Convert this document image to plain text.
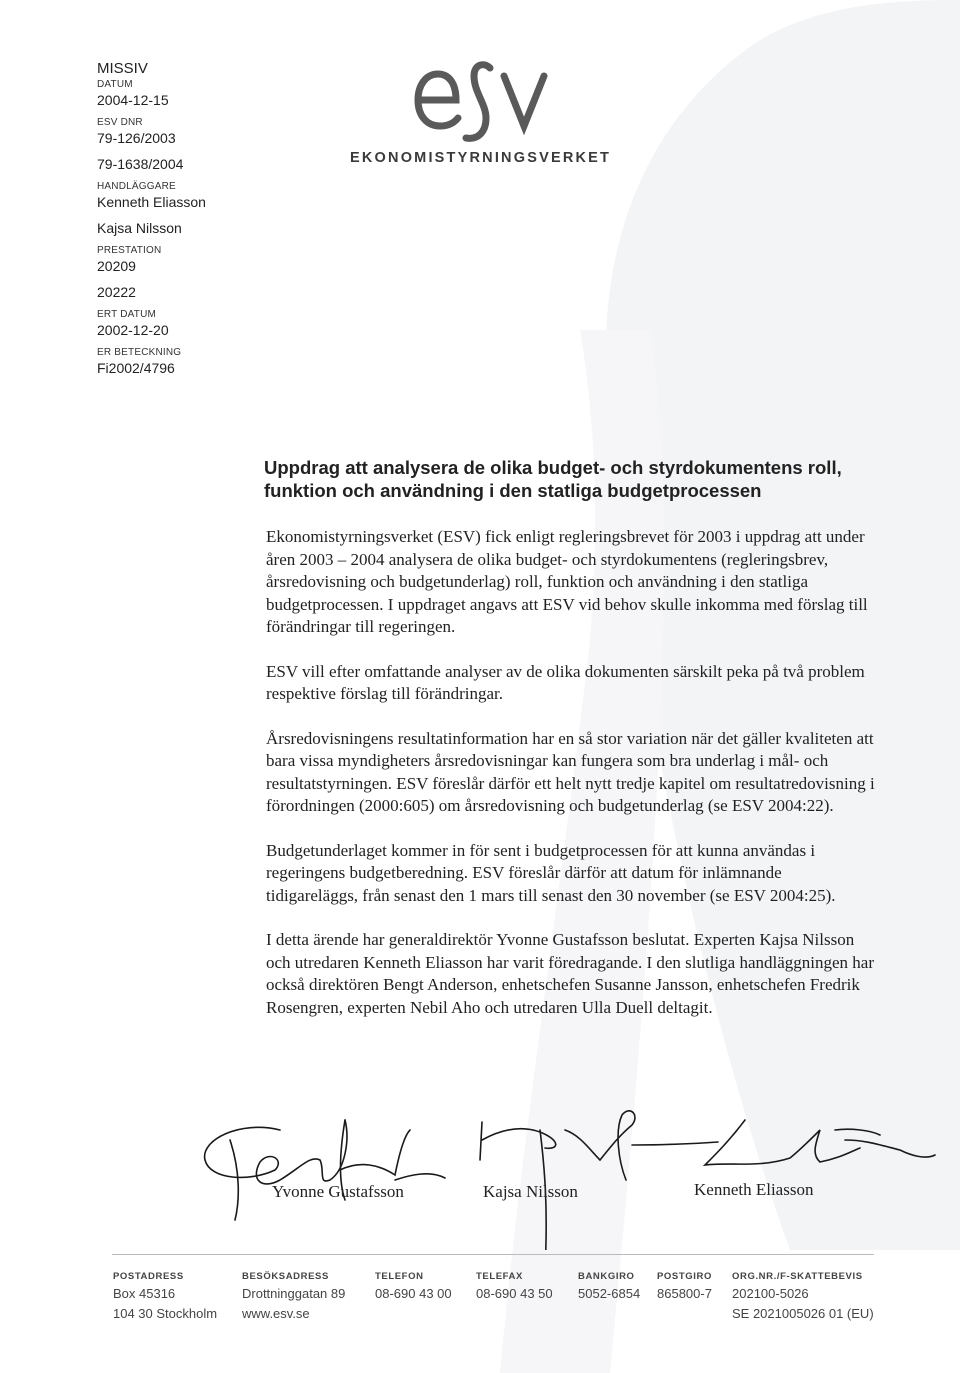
MISSIV
DATUM
2004-12-15
ESV DNR
79-126/2003
79-1638/2004
HANDLÄGGARE
Kenneth Eliasson
Kajsa Nilsson
PRESTATION
20209
20222
ERT DATUM
2002-12-20
ER BETECKNING
Fi2002/4796
EKONOMISTYRNINGSVERKET
Uppdrag att analysera de olika budget- och styrdokumentens roll, funktion och användning i den statliga budgetprocessen

Ekonomistyrningsverket (ESV) fick enligt regleringsbrevet för 2003 i uppdrag att under åren 2003 – 2004 analysera de olika budget- och styrdokumentens (regleringsbrev, årsredovisning och budgetunderlag) roll, funktion och användning i den statliga budgetprocessen. I uppdraget angavs att ESV vid behov skulle inkomma med förslag till förändringar till regeringen.

ESV vill efter omfattande analyser av de olika dokumenten särskilt peka på två problem respektive förslag till förändringar.

Årsredovisningens resultatinformation har en så stor variation när det gäller kvaliteten att bara vissa myndigheters årsredovisningar kan fungera som bra underlag i mål- och resultatstyrningen. ESV föreslår därför ett helt nytt tredje kapitel om resultatredovisning i förordningen (2000:605) om årsredovisning och budgetunderlag (se ESV 2004:22).

Budgetunderlaget kommer in för sent i budgetprocessen för att kunna användas i regeringens budgetberedning. ESV föreslår därför att datum för inlämnande tidigareläggs, från senast den 1 mars till senast den 30 november (se ESV 2004:25).

I detta ärende har generaldirektör Yvonne Gustafsson beslutat. Experten Kajsa Nilsson och utredaren Kenneth Eliasson har varit föredragande. I den slutliga handläggningen har också direktören Bengt Anderson, enhetschefen Susanne Jansson, enhetschefen Fredrik Rosengren, experten Nebil Aho och utredaren Ulla Duell deltagit.

Yvonne Gustafsson	Kajsa Nilsson	Kenneth Eliasson
POSTADRESS
Box 45316
104 30 Stockholm
BESÖKSADRESS
Drottninggatan 89
www.esv.se
TELEFON
08-690 43 00
TELEFAX
08-690 43 50
BANKGIRO
5052-6854
POSTGIRO
865800-7
ORG.NR./F-SKATTEBEVIS
202100-5026
SE 2021005026 01 (EU)
